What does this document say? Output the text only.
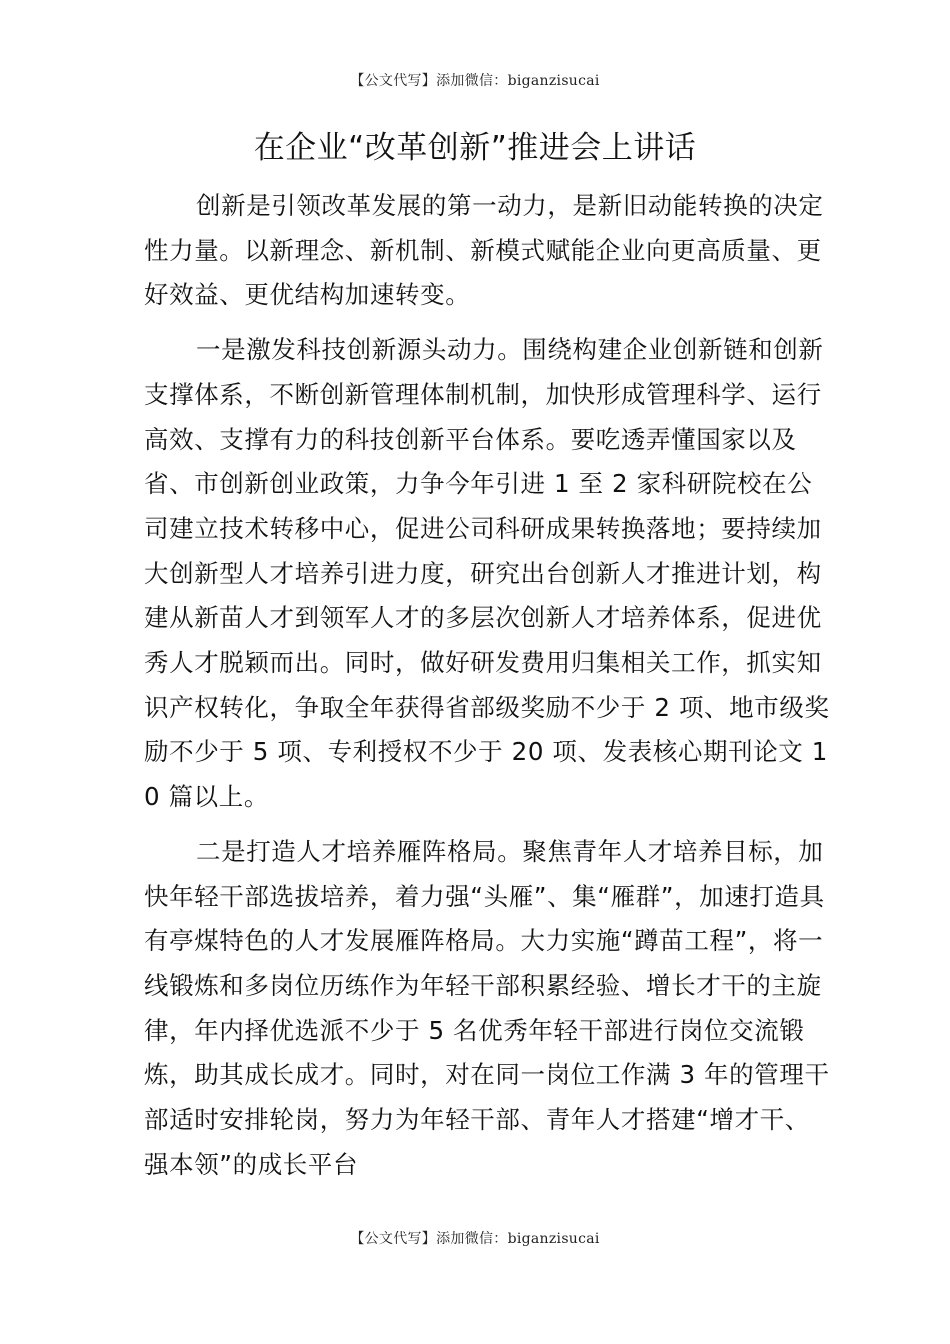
【公文代写】添加微信：biganzisucai
在企业“改革创新”推进会上讲话

创新是引领改革发展的第一动力，是新旧动能转换的决定性力量。以新理念、新机制、新模式赋能企业向更高质量、更好效益、更优结构加速转变。

一是激发科技创新源头动力。围绕构建企业创新链和创新支撑体系，不断创新管理体制机制，加快形成管理科学、运行高效、支撑有力的科技创新平台体系。要吃透弄懂国家以及省、市创新创业政策，力争今年引进 1 至 2 家科研院校在公司建立技术转移中心，促进公司科研成果转换落地；要持续加大创新型人才培养引进力度，研究出台创新人才推进计划，构建从新苗人才到领军人才的多层次创新人才培养体系，促进优秀人才脱颖而出。同时，做好研发费用归集相关工作，抓实知识产权转化，争取全年获得省部级奖励不少于 2 项、地市级奖励不少于 5 项、专利授权不少于 20 项、发表核心期刊论文 10 篇以上。

二是打造人才培养雁阵格局。聚焦青年人才培养目标，加快年轻干部选拔培养，着力强“头雁”、集“雁群”，加速打造具有亭煤特色的人才发展雁阵格局。大力实施“蹲苗工程”，将一线锻炼和多岗位历练作为年轻干部积累经验、增长才干的主旋律，年内择优选派不少于 5 名优秀年轻干部进行岗位交流锻炼，助其成长成才。同时，对在同一岗位工作满 3 年的管理干部适时安排轮岗，努力为年轻干部、青年人才搭建“增才干、强本领”的成长平台

【公文代写】添加微信：biganzisucai
